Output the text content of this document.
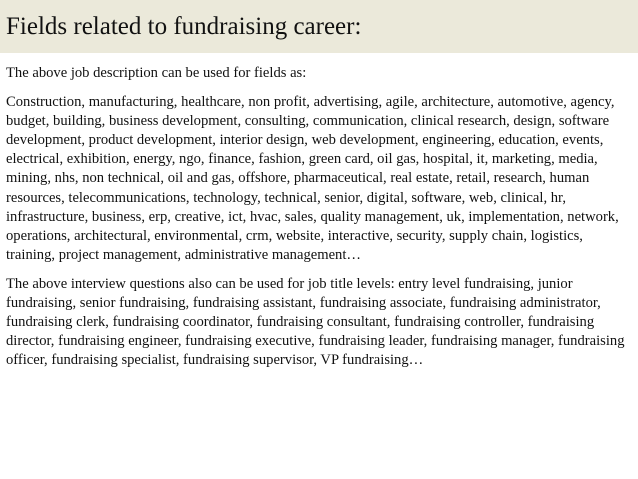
Fields related to fundraising career:

The above job description can be used for fields as:

Construction, manufacturing, healthcare, non profit, advertising, agile, architecture, automotive, agency, budget, building, business development, consulting, communication, clinical research, design, software development, product development, interior design, web development, engineering, education, events, electrical, exhibition, energy, ngo, finance, fashion, green card, oil gas, hospital, it, marketing, media, mining, nhs, non technical, oil and gas, offshore, pharmaceutical, real estate, retail, research, human resources, telecommunications, technology, technical, senior, digital, software, web, clinical, hr, infrastructure, business, erp, creative, ict, hvac, sales, quality management, uk, implementation, network, operations, architectural, environmental, crm, website, interactive, security, supply chain, logistics, training, project management, administrative management…

The above interview questions also can be used for job title levels: entry level fundraising, junior fundraising, senior fundraising, fundraising assistant, fundraising associate, fundraising administrator, fundraising clerk, fundraising coordinator, fundraising consultant, fundraising controller, fundraising director, fundraising engineer, fundraising executive, fundraising leader, fundraising manager, fundraising officer, fundraising specialist, fundraising supervisor, VP fundraising…
